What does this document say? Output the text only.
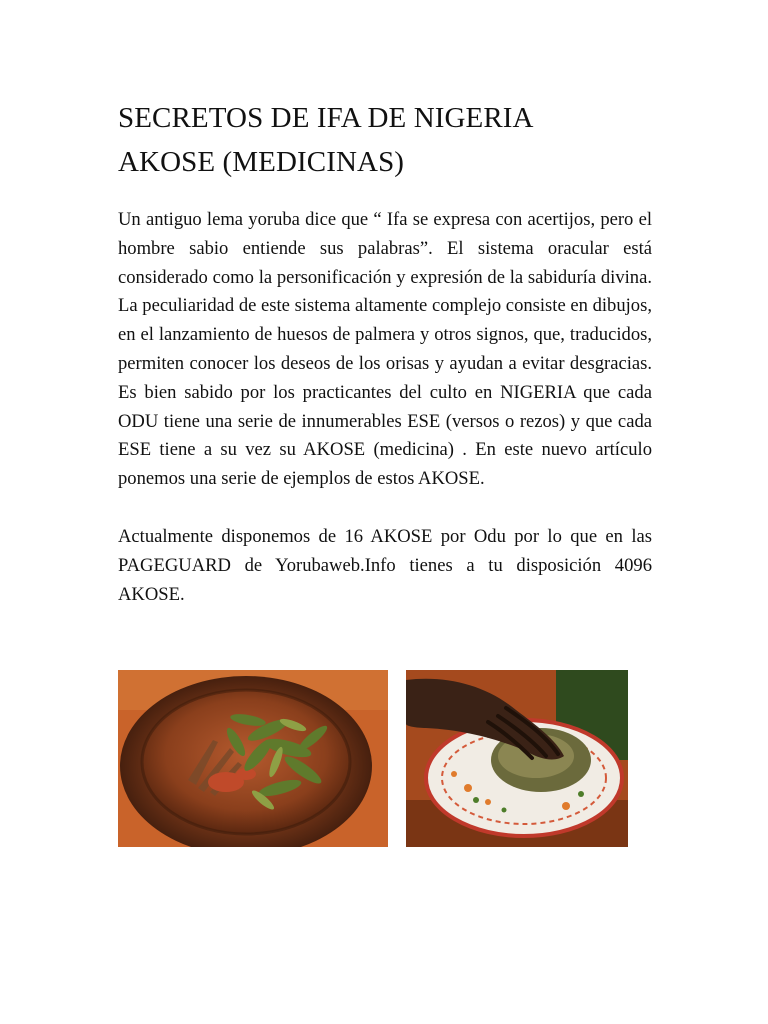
SECRETOS DE IFA DE NIGERIA
AKOSE (MEDICINAS)

Un antiguo lema yoruba dice que “ Ifa se expresa con acertijos, pero el hombre sabio entiende sus palabras”. El sistema oracular está considerado como la personificación y expresión de la sabiduría divina. La peculiaridad de este sistema altamente complejo consiste en dibujos, en el lanzamiento de huesos de palmera y otros signos, que, traducidos, permiten conocer los deseos de los orisas y ayudan a evitar desgracias. Es bien sabido por los practicantes del culto en NIGERIA que cada ODU tiene una serie de innumerables ESE (versos o rezos) y que cada ESE tiene a su vez su AKOSE (medicina) . En este nuevo artículo ponemos una serie de ejemplos de estos AKOSE.

Actualmente disponemos de 16 AKOSE por Odu por lo que en las PAGEGUARD de Yorubaweb.Info tienes a tu disposición 4096 AKOSE.
